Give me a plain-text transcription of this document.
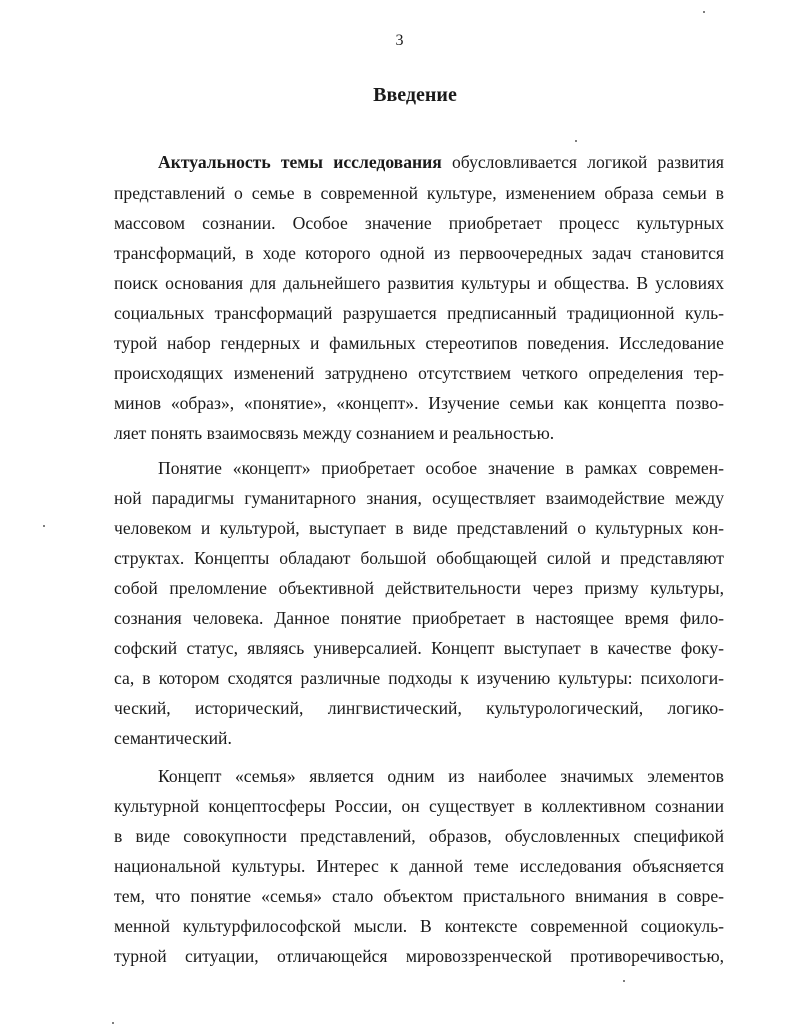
3
Введение
Актуальность темы исследования обусловливается логикой развития
представлений о семье в современной культуре, изменением образа семьи в
массовом сознании. Особое значение приобретает процесс культурных
трансформаций, в ходе которого одной из первоочередных задач становится
поиск основания для дальнейшего развития культуры и общества. В условиях
социальных трансформаций разрушается предписанный традиционной куль-
турой набор гендерных и фамильных стереотипов поведения. Исследование
происходящих изменений затруднено отсутствием четкого определения тер-
минов «образ», «понятие», «концепт». Изучение семьи как концепта позво-
ляет понять взаимосвязь между сознанием и реальностью.
Понятие «концепт» приобретает особое значение в рамках современ-
ной парадигмы гуманитарного знания, осуществляет взаимодействие между
человеком и культурой, выступает в виде представлений о культурных кон-
структах. Концепты обладают большой обобщающей силой и представляют
собой преломление объективной действительности через призму культуры,
сознания человека. Данное понятие приобретает в настоящее время фило-
софский статус, являясь универсалией. Концепт выступает в качестве фоку-
са, в котором сходятся различные подходы к изучению культуры: психологи-
ческий, исторический, лингвистический, культурологический, логико-
семантический.
Концепт «семья» является одним из наиболее значимых элементов
культурной концептосферы России, он существует в коллективном сознании
в виде совокупности представлений, образов, обусловленных спецификой
национальной культуры. Интерес к данной теме исследования объясняется
тем, что понятие «семья» стало объектом пристального внимания в совре-
менной культурфилософской мысли. В контексте современной социокуль-
турной ситуации, отличающейся мировоззренческой противоречивостью,
